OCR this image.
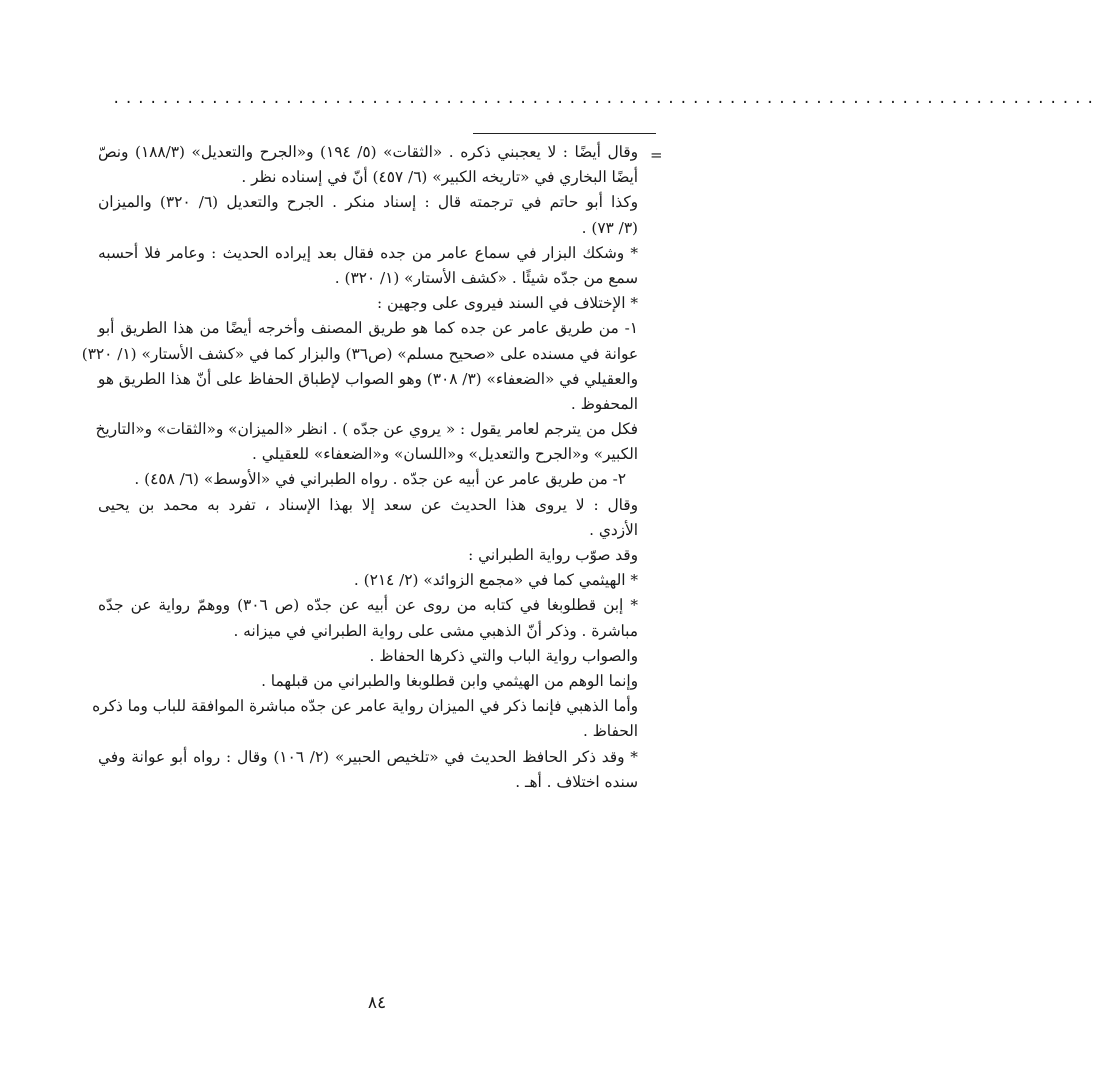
................................................................................
=
وقال أيضًا : لا يعجبني ذكره . «الثقات» (٥/ ١٩٤) و«الجرح والتعديل» (١٨٨/٣) ونصّ
أيضًا البخاري في «تاريخه الكبير» (٦/ ٤٥٧) أنّ في إسناده نظر .
وكذا أبو حاتم في ترجمته قال : إسناد منكر . الجرح والتعديل (٦/ ٣٢٠) والميزان
(٣/ ٧٣) .
* وشكك البزار في سماع عامر من جده فقال بعد إيراده الحديث : وعامر فلا أحسبه
سمع من جدّه شيئًا . «كشف الأستار» (١/ ٣٢٠) .
* الإختلاف في السند فيروى على وجهين :
١- من طريق عامر عن جده كما هو طريق المصنف وأخرجه أيضًا من هذا الطريق أبو
عوانة في مسنده على «صحيح مسلم» (ص٣٦) والبزار كما في «كشف الأستار» (١/ ٣٢٠)
والعقيلي في «الضعفاء» (٣/ ٣٠٨) وهو الصواب لإطباق الحفاظ على أنّ هذا الطريق هو
المحفوظ .
فكل من يترجم لعامر يقول : « يروي عن جدّه ) . انظر «الميزان» و«الثقات» و«التاريخ
الكبير» و«الجرح والتعديل» و«اللسان» و«الضعفاء» للعقيلي .
٢- من طريق عامر عن أبيه عن جدّه . رواه الطبراني في «الأوسط» (٦/ ٤٥٨) .
وقال : لا يروى هذا الحديث عن سعد إلا بهذا الإسناد ، تفرد به محمد بن يحيى
الأزدي .
وقد صوّب رواية الطبراني :
* الهيثمي كما في «مجمع الزوائد» (٢/ ٢١٤) .
* إبن قطلوبغا في كتابه من روى عن أبيه عن جدّه (ص ٣٠٦) ووهمّ رواية عن جدّه
مباشرة . وذكر أنّ الذهبي مشى على رواية الطبراني في ميزانه .
والصواب رواية الباب والتي ذكرها الحفاظ .
وإنما الوهم من الهيثمي وابن قطلوبغا والطبراني من قبلهما .
وأما الذهبي فإنما ذكر في الميزان رواية عامر عن جدّه مباشرة الموافقة للباب وما ذكره
الحفاظ .
* وقد ذكر الحافظ الحديث في «تلخيص الحبير» (٢/ ١٠٦) وقال : رواه أبو عوانة وفي
سنده اختلاف . أهـ .
٨٤
